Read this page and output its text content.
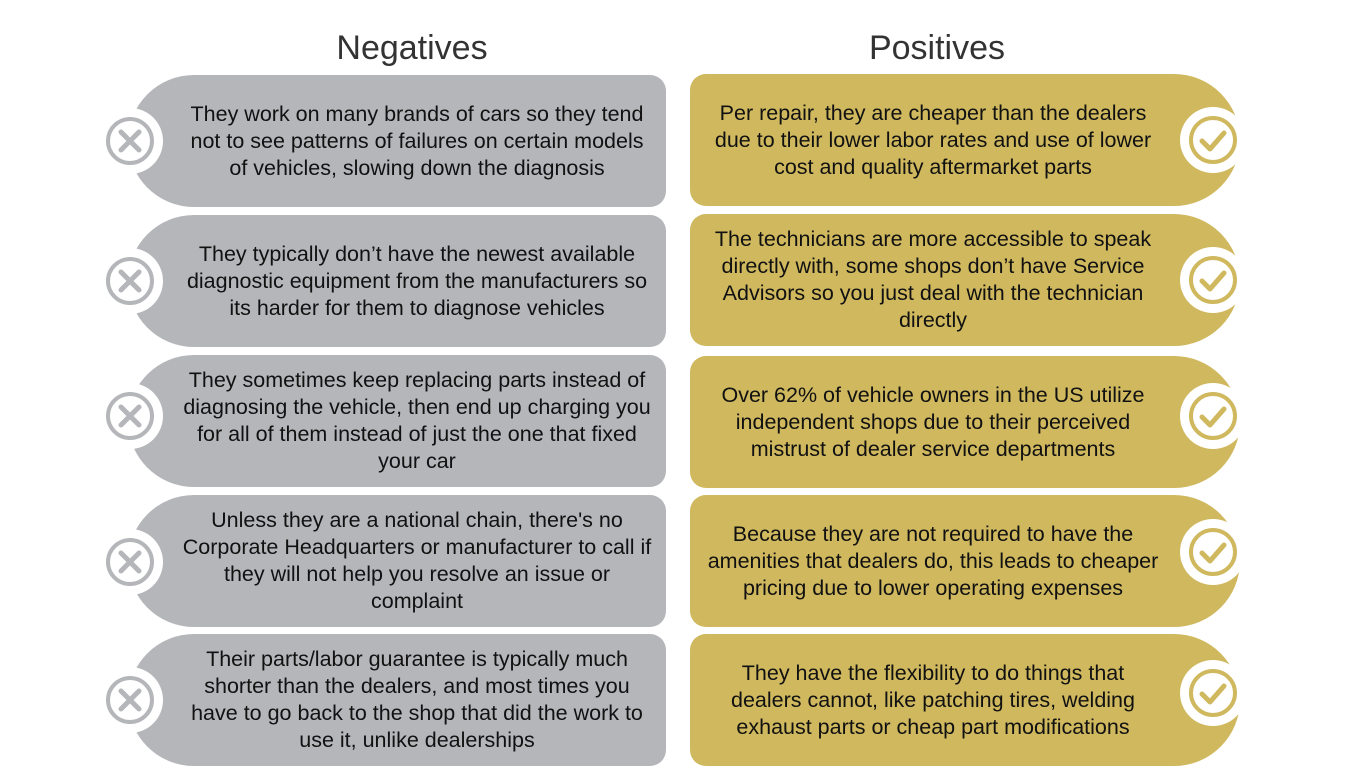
Negatives	Positives
They work on many brands of cars so they tend not to see patterns of failures on certain models of vehicles, slowing down the diagnosis
They typically don’t have the newest available diagnostic equipment from the manufacturers so its harder for them to diagnose vehicles
They sometimes keep replacing parts instead of diagnosing the vehicle, then end up charging you for all of them instead of just the one that fixed your car
Unless they are a national chain, there's no Corporate Headquarters or manufacturer to call if they will not help you resolve an issue or complaint
Their parts/labor guarantee is typically much shorter than the dealers, and most times you have to go back to the shop that did the work to use it, unlike dealerships
Per repair, they are cheaper than the dealers due to their lower labor rates and use of lower cost and quality aftermarket parts
The technicians are more accessible to speak directly with, some shops don’t have Service Advisors so you just deal with the technician directly
Over 62% of vehicle owners in the US utilize independent shops due to their perceived mistrust of dealer service departments
Because they are not required to have the amenities that dealers do, this leads to cheaper pricing due to lower operating expenses
They have the flexibility to do things that dealers cannot, like patching tires, welding exhaust parts or cheap part modifications
